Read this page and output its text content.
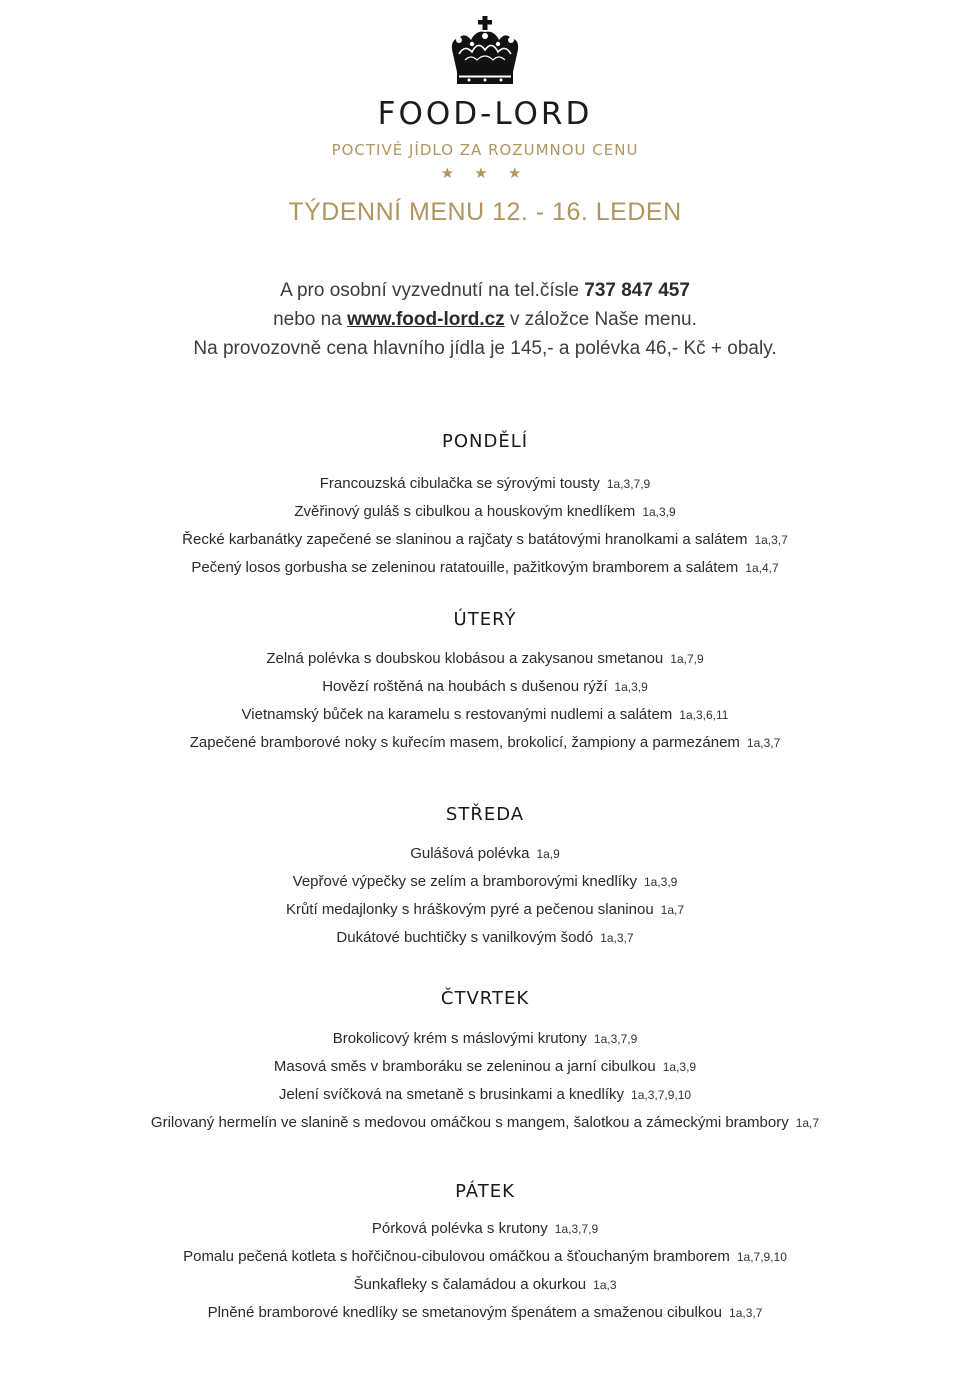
FOOD-LORD
POCTIVÉ JÍDLO ZA ROZUMNOU CENU
★ ★ ★
TÝDENNÍ MENU 12. - 16. LEDEN
A pro osobní vyzvednutí na tel.čísle 737 847 457
nebo na www.food-lord.cz v záložce Naše menu.
Na provozovně cena hlavního jídla je 145,- a polévka 46,- Kč + obaly.
PONDĚLÍ
Francouzská cibulačka se sýrovými tousty 1a,3,7,9
Zvěřinový guláš s cibulkou a houskovým knedlíkem 1a,3,9
Řecké karbanátky zapečené se slaninou a rajčaty s batátovými hranolkami a salátem 1a,3,7
Pečený losos gorbusha se zeleninou ratatouille, pažitkovým bramborem a salátem 1a,4,7
ÚTERÝ
Zelná polévka s doubskou klobásou a zakysanou smetanou 1a,7,9
Hovězí roštěná na houbách s dušenou rýží 1a,3,9
Vietnamský bůček na karamelu s restovanými nudlemi a salátem 1a,3,6,11
Zapečené bramborové noky s kuřecím masem, brokolicí, žampiony a parmezánem 1a,3,7
STŘEDA
Gulášová polévka 1a,9
Vepřové výpečky se zelím a bramborovými knedlíky 1a,3,9
Krůtí medajlonky s hráškovým pyré a pečenou slaninou 1a,7
Dukátové buchtičky s vanilkovým šodó 1a,3,7
ČTVRTEK
Brokolicový krém s máslovými krutony 1a,3,7,9
Masová směs v bramboráku se zeleninou a jarní cibulkou 1a,3,9
Jelení svíčková na smetaně s brusinkami a knedlíky 1a,3,7,9,10
Grilovaný hermelín ve slanině s medovou omáčkou s mangem, šalotkou a zámeckými brambory 1a,7
PÁTEK
Pórková polévka s krutony 1a,3,7,9
Pomalu pečená kotleta s hořčičnou-cibulovou omáčkou a šťouchaným bramborem 1a,7,9,10
Šunkafleky s čalamádou a okurkou 1a,3
Plněné bramborové knedlíky se smetanovým špenátem a smaženou cibulkou 1a,3,7
